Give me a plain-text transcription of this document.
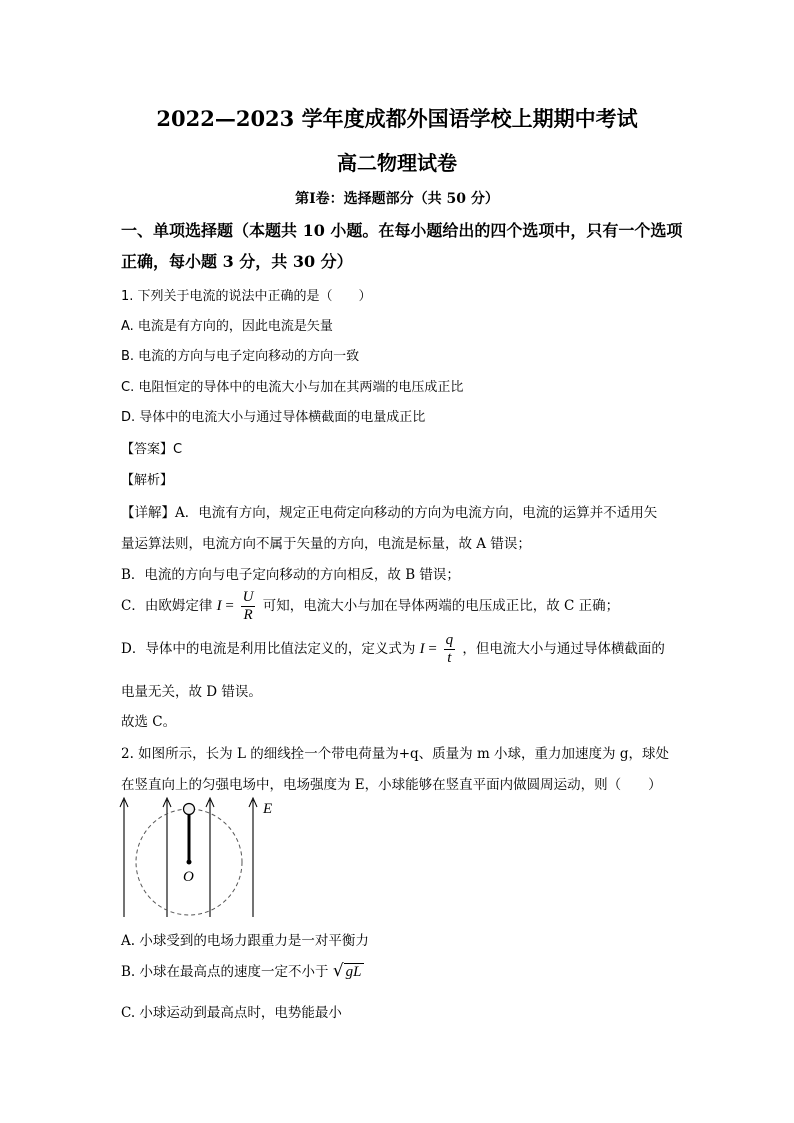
2022—2023 学年度成都外国语学校上期期中考试
高二物理试卷
第Ⅰ卷：选择题部分（共 50 分）
一、单项选择题（本题共 10 小题。在每小题给出的四个选项中，只有一个选项
正确，每小题 3 分，共 30 分）
1. 下列关于电流的说法中正确的是（　　）
A. 电流是有方向的，因此电流是矢量
B. 电流的方向与电子定向移动的方向一致
C. 电阻恒定的导体中的电流大小与加在其两端的电压成正比
D. 导体中的电流大小与通过导体横截面的电量成正比
【答案】C
【解析】
【详解】A．电流有方向，规定正电荷定向移动的方向为电流方向，电流的运算并不适用矢
量运算法则，电流方向不属于矢量的方向，电流是标量，故 A 错误；
B．电流的方向与电子定向移动的方向相反，故 B 错误；
C．由欧姆定律 $I = \frac{U}{R}$ 可知，电流大小与加在导体两端的电压成正比，故 C 正确；
D．导体中的电流是利用比值法定义的，定义式为 $I = \frac{q}{t}$ ，但电流大小与通过导体横截面的
电量无关，故 D 错误。
故选 C。
2. 如图所示，长为 L 的细线拴一个带电荷量为+q、质量为 m 小球，重力加速度为 g，球处
在竖直向上的匀强电场中，电场强度为 E，小球能够在竖直平面内做圆周运动，则（　　）
O
E
A. 小球受到的电场力跟重力是一对平衡力
B. 小球在最高点的速度一定不小于 √ gL
C. 小球运动到最高点时，电势能最小
